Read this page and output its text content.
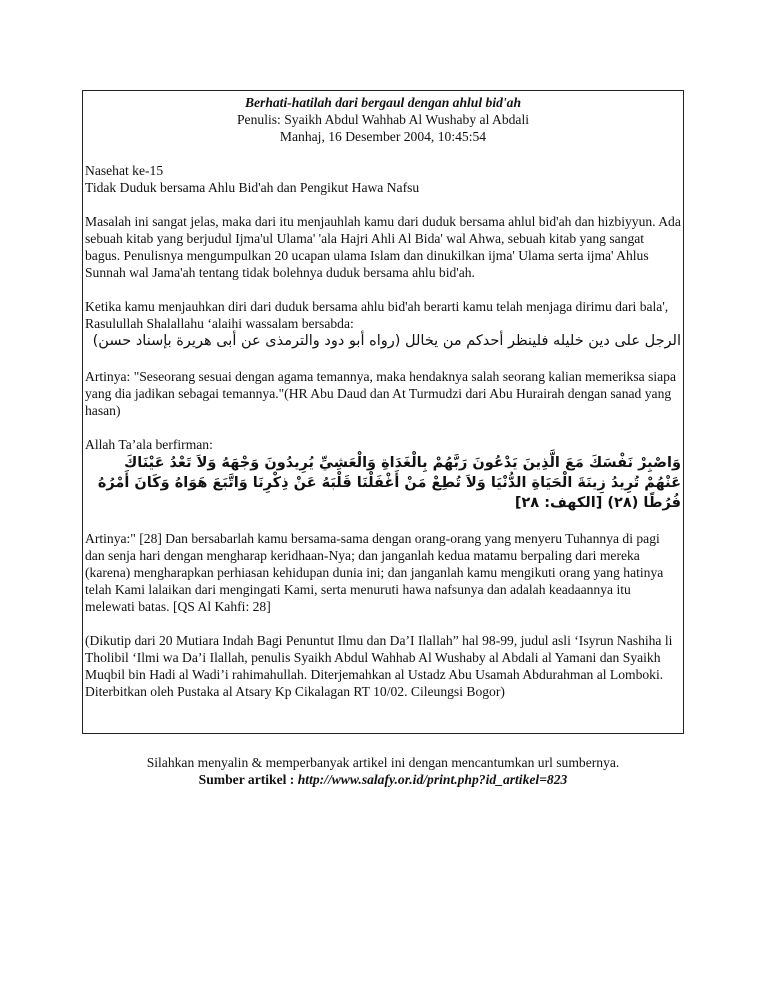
Berhati-hatilah dari bergaul dengan ahlul bid'ah
Penulis: Syaikh Abdul Wahhab Al Wushaby al Abdali
Manhaj, 16 Desember 2004, 10:45:54
Nasehat ke-15
Tidak Duduk bersama Ahlu Bid'ah dan Pengikut Hawa Nafsu

Masalah ini sangat jelas, maka dari itu menjauhlah kamu dari duduk bersama ahlul bid'ah dan hizbiyyun. Ada sebuah kitab yang berjudul Ijma'ul Ulama' 'ala Hajri Ahli Al Bida' wal Ahwa, sebuah kitab yang sangat bagus. Penulisnya mengumpulkan 20 ucapan ulama Islam dan dinukilkan ijma' Ulama serta ijma' Ahlus Sunnah wal Jama'ah tentang tidak bolehnya duduk bersama ahlu bid'ah.

Ketika kamu menjauhkan diri dari duduk bersama ahlu bid'ah berarti kamu telah menjaga dirimu dari bala', Rasulullah Shalallahu ‘alaihi wassalam bersabda:
الرجل على دين خليله فلينظر أحدكم من يخالل (رواه أبو دود والترمذى عن أبى هريرة بإسناد حسن)

Artinya: "Seseorang sesuai dengan agama temannya, maka hendaknya salah seorang kalian memeriksa siapa yang dia jadikan sebagai temannya."(HR Abu Daud dan At Turmudzi dari Abu Hurairah dengan sanad yang hasan)

Allah Ta’ala berfirman:
وَاصْبِرْ نَفْسَكَ مَعَ الَّذِينَ يَدْعُونَ رَبَّهُمْ بِالْغَدَاةِ وَالْعَشِيِّ يُرِيدُونَ وَجْهَهُ وَلاَ تَعْدُ عَيْنَاكَ عَنْهُمْ تُرِيدُ زِينَةَ الْحَيَاةِ الدُّنْيَا وَلاَ تُطِعْ مَنْ أَغْفَلْنَا قَلْبَهُ عَنْ ذِكْرِنَا وَاتَّبَعَ هَوَاهُ وَكَانَ أَمْرُهُ فُرُطًا (٢٨) [الكهف: ٢٨]

Artinya:" [28] Dan bersabarlah kamu bersama-sama dengan orang-orang yang menyeru Tuhannya di pagi dan senja hari dengan mengharap keridhaan-Nya; dan janganlah kedua matamu berpaling dari mereka (karena) mengharapkan perhiasan kehidupan dunia ini; dan janganlah kamu mengikuti orang yang hatinya telah Kami lalaikan dari mengingati Kami, serta menuruti hawa nafsunya dan adalah keadaannya itu melewati batas. [QS Al Kahfi: 28]

(Dikutip dari 20 Mutiara Indah Bagi Penuntut Ilmu dan Da’I Ilallah” hal 98-99, judul asli ‘Isyrun Nashiha li Tholibil ‘Ilmi wa Da’i Ilallah, penulis Syaikh Abdul Wahhab Al Wushaby al Abdali al Yamani dan Syaikh Muqbil bin Hadi al Wadi’i rahimahullah. Diterjemahkan al Ustadz Abu Usamah Abdurahman al Lomboki. Diterbitkan oleh Pustaka al Atsary Kp Cikalagan RT 10/02. Cileungsi Bogor)

Silahkan menyalin & memperbanyak artikel ini dengan mencantumkan url sumbernya.
Sumber artikel : http://www.salafy.or.id/print.php?id_artikel=823
